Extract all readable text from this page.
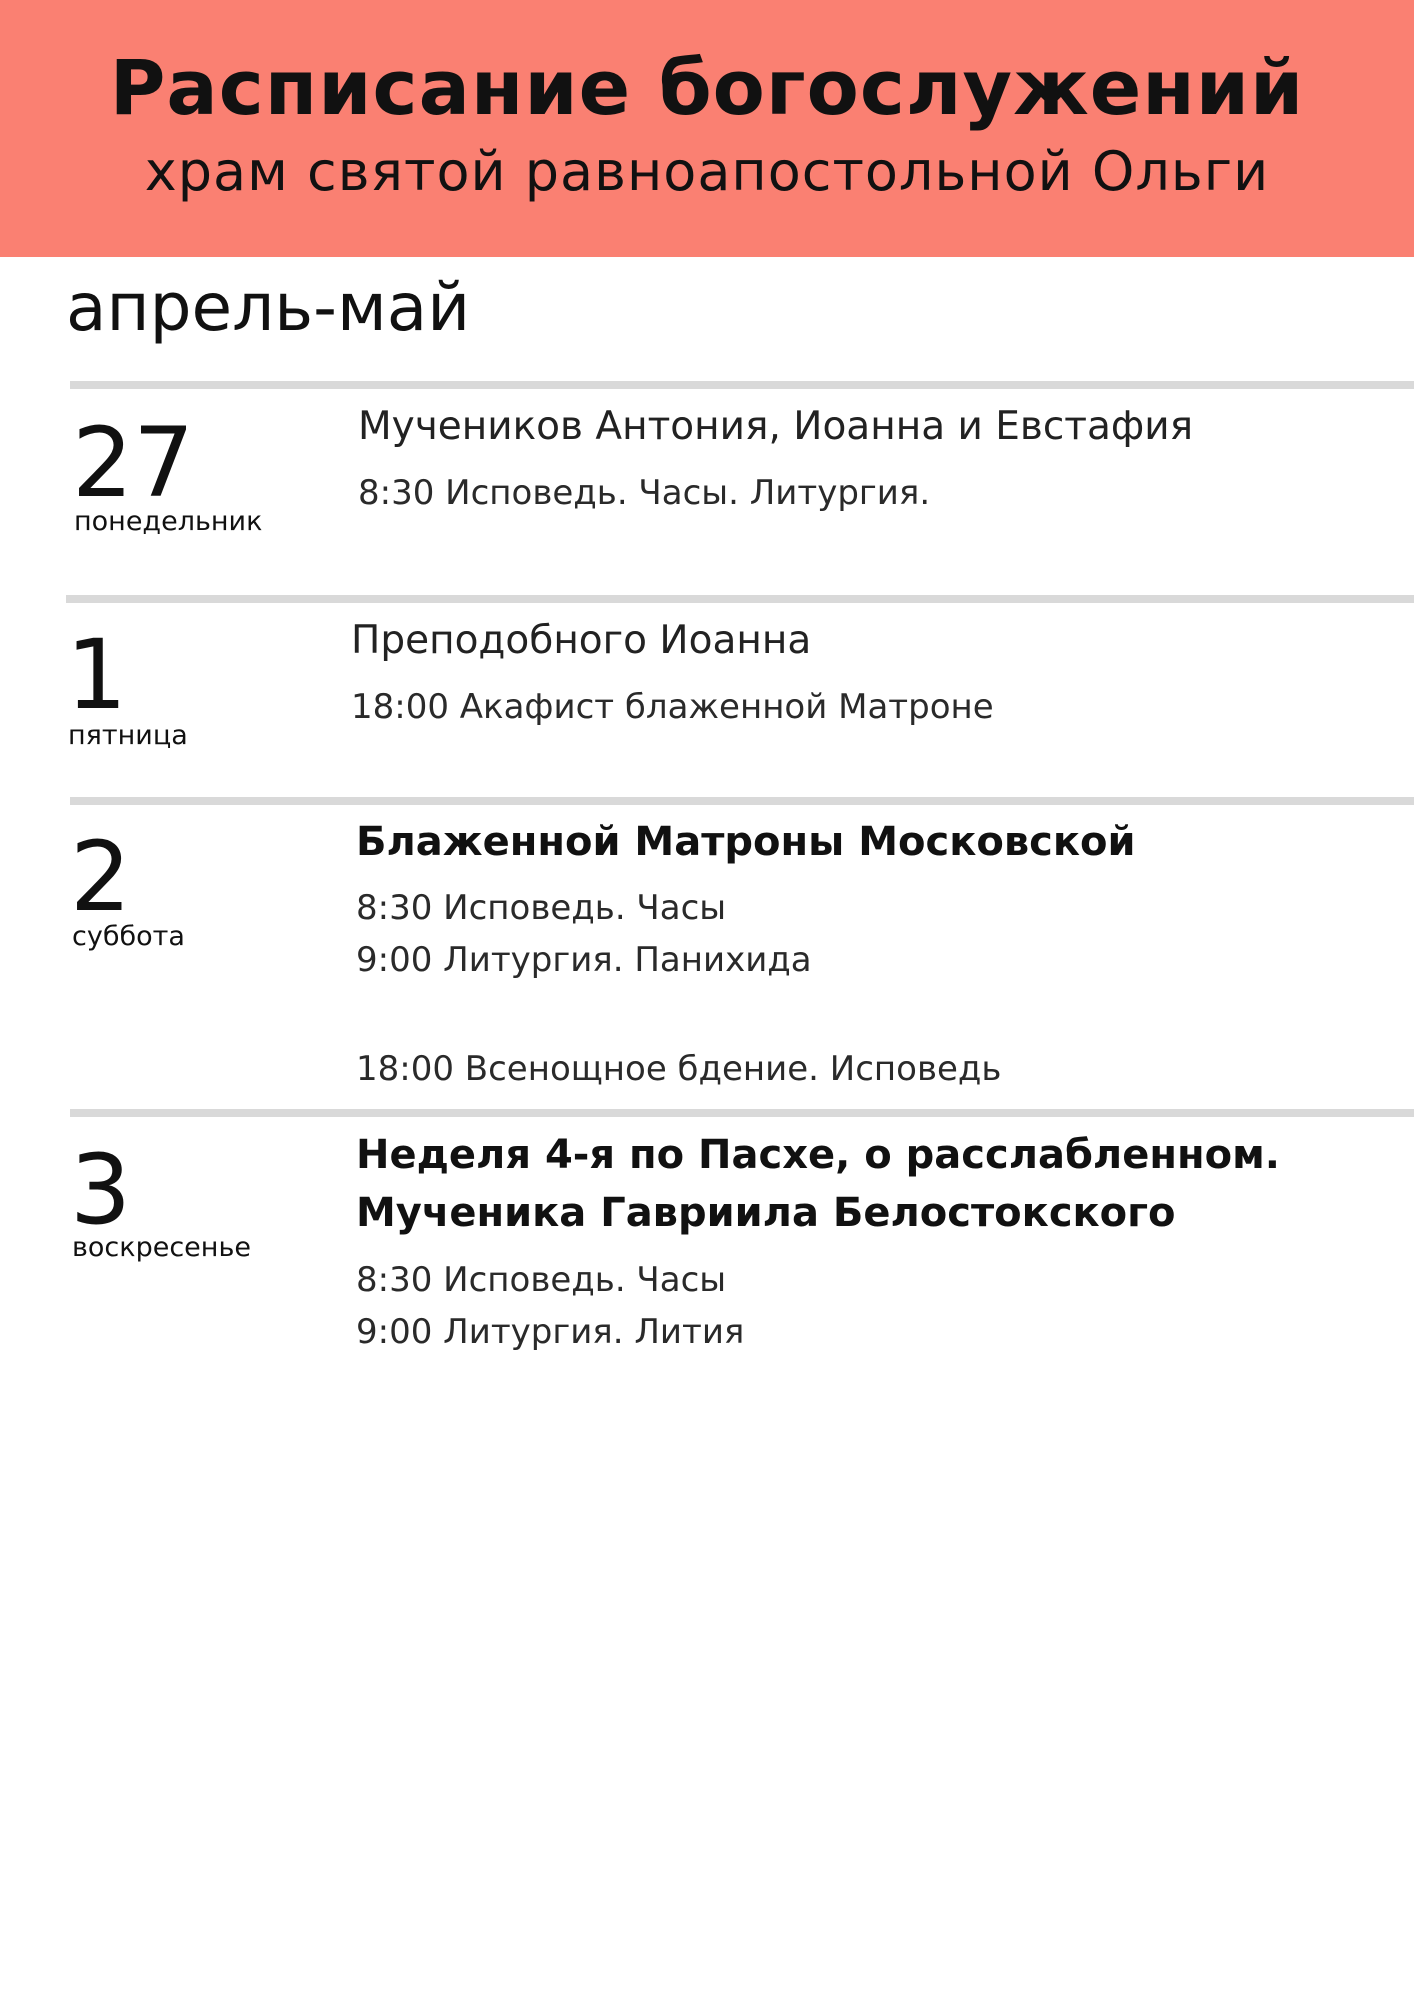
Расписание богослужений
храм святой равноапостольной Ольги
апрель-май
27
понедельник
Мучеников Антония, Иоанна и Евстафия
8:30 Исповедь. Часы. Литургия.
1
пятница
Преподобного Иоанна
18:00 Акафист блаженной Матроне
2
суббота
Блаженной Матроны Московской
8:30 Исповедь. Часы
9:00 Литургия. Панихида
18:00 Всенощное бдение. Исповедь
3
воскресенье
Неделя 4-я по Пасхе, о расслабленном.
Мученика Гавриила Белостокского
8:30 Исповедь. Часы
9:00 Литургия. Лития
